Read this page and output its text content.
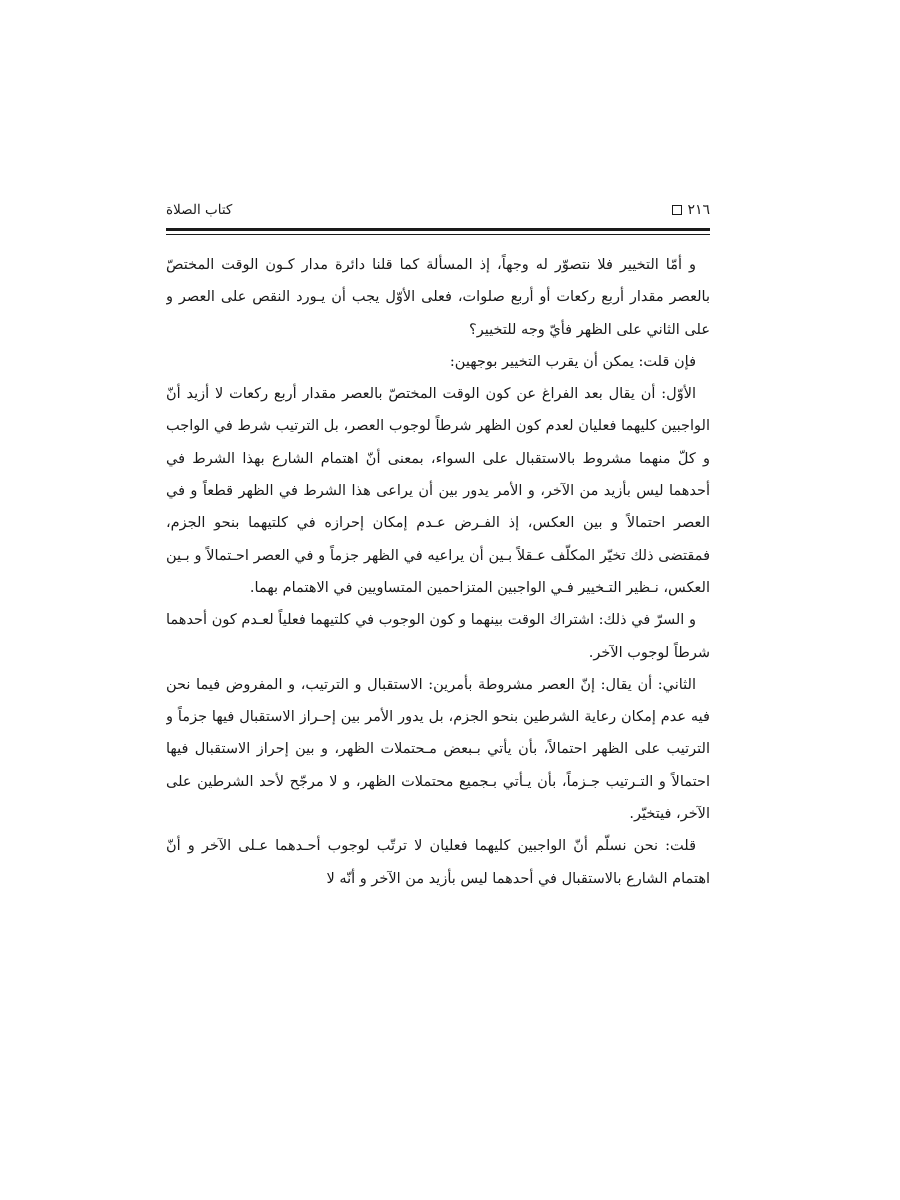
٢١٦
كتاب الصلاة

و أمّا التخيير فلا نتصوّر له وجهاً، إذ المسألة كما قلنا دائرة مدار كـون الوقت المختصّ بالعصر مقدار أربع ركعات أو أربع صلوات، فعلى الأوّل يجب أن يـورد النقص على العصر و على الثاني على الظهر فأيّ وجه للتخيير؟

فإن قلت: يمكن أن يقرب التخيير بوجهين:

الأوّل: أن يقال بعد الفراغ عن كون الوقت المختصّ بالعصر مقدار أربع ركعات لا أزيد أنّ الواجبين كليهما فعليان لعدم كون الظهر شرطاً لوجوب العصر، بل الترتيب شرط في الواجب و كلّ منهما مشروط بالاستقبال على السواء، بمعنى أنّ اهتمام الشارع بهذا الشرط في أحدهما ليس بأزيد من الآخر، و الأمر يدور بين أن يراعى هذا الشرط في الظهر قطعاً و في العصر احتمالاً و بين العكس، إذ الفـرض عـدم إمكان إحرازه في كلتيهما بنحو الجزم، فمقتضى ذلك تخيّر المكلّف عـقلاً بـين أن يراعيه في الظهر جزماً و في العصر احـتمالاً و بـين العكس، نـظير التـخيير فـي الواجبين المتزاحمين المتساويين في الاهتمام بهما.

و السرّ في ذلك: اشتراك الوقت بينهما و كون الوجوب في كلتيهما فعلياً لعـدم كون أحدهما شرطاً لوجوب الآخر.

الثاني: أن يقال: إنّ العصر مشروطة بأمرين: الاستقبال و الترتيب، و المفروض فيما نحن فيه عدم إمكان رعاية الشرطين بنحو الجزم، بل يدور الأمر بين إحـراز الاستقبال فيها جزماً و الترتيب على الظهر احتمالاً، بأن يأتي بـبعض مـحتملات الظهر، و بين إحراز الاستقبال فيها احتمالاً و التـرتيب جـزماً، بأن يـأتي بـجميع محتملات الظهر، و لا مرجّح لأحد الشرطين على الآخر، فيتخيّر.

قلت: نحن نسلّم أنّ الواجبين كليهما فعليان لا ترتّب لوجوب أحـدهما عـلى الآخر و أنّ اهتمام الشارع بالاستقبال في أحدهما ليس بأزيد من الآخر و أنّه لا
